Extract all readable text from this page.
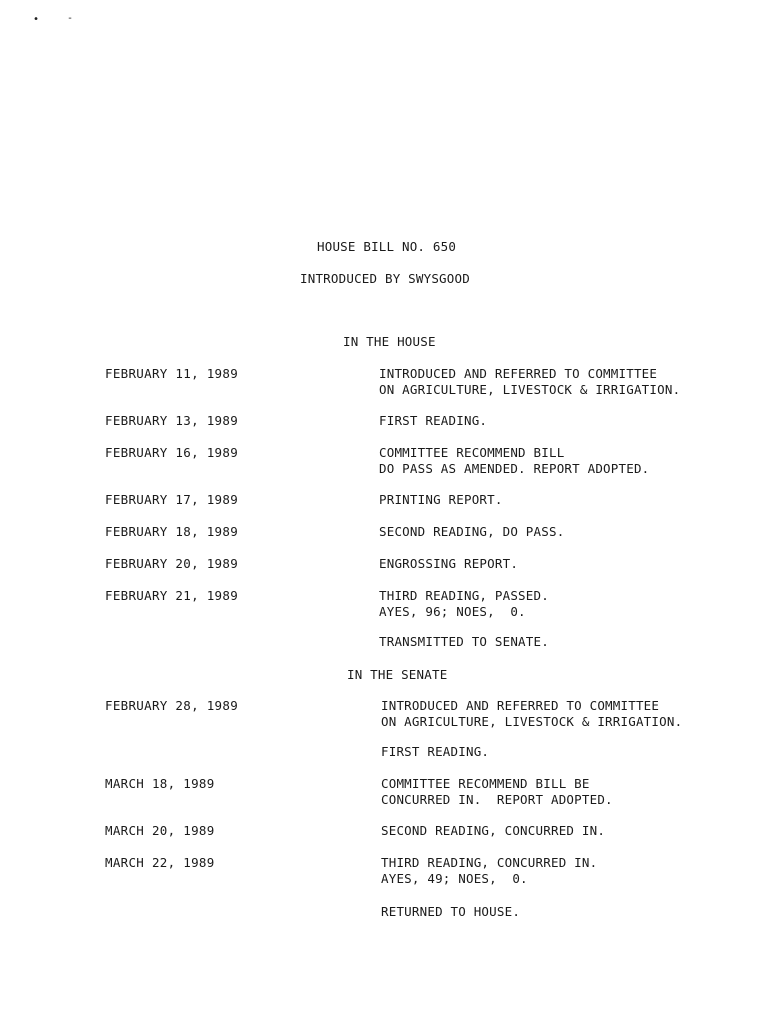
•	-
HOUSE BILL NO. 650
INTRODUCED BY SWYSGOOD
IN THE HOUSE
FEBRUARY 11, 1989	INTRODUCED AND REFERRED TO COMMITTEE
ON AGRICULTURE, LIVESTOCK & IRRIGATION.
FEBRUARY 13, 1989	FIRST READING.
FEBRUARY 16, 1989	COMMITTEE RECOMMEND BILL
DO PASS AS AMENDED. REPORT ADOPTED.
FEBRUARY 17, 1989	PRINTING REPORT.
FEBRUARY 18, 1989	SECOND READING, DO PASS.
FEBRUARY 20, 1989	ENGROSSING REPORT.
FEBRUARY 21, 1989	THIRD READING, PASSED.
AYES, 96; NOES,  0.
TRANSMITTED TO SENATE.
IN THE SENATE
FEBRUARY 28, 1989	INTRODUCED AND REFERRED TO COMMITTEE
ON AGRICULTURE, LIVESTOCK & IRRIGATION.
FIRST READING.
MARCH 18, 1989	COMMITTEE RECOMMEND BILL BE
CONCURRED IN.  REPORT ADOPTED.
MARCH 20, 1989	SECOND READING, CONCURRED IN.
MARCH 22, 1989	THIRD READING, CONCURRED IN.
AYES, 49; NOES,  0.
RETURNED TO HOUSE.
